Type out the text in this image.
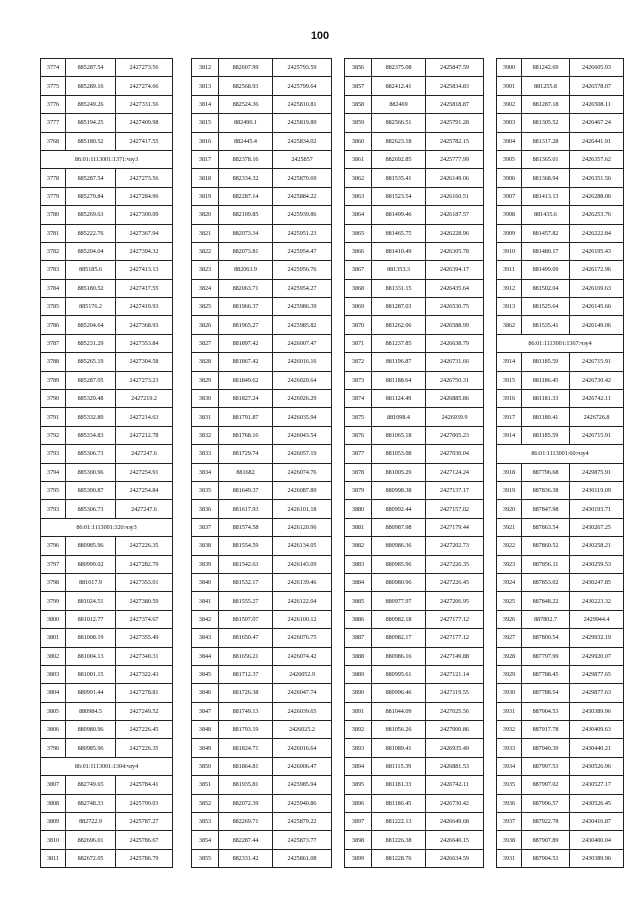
100
3774	885287.54	2427273.56
3775	885289.16	2427274.66
3776	885249.26	2427331.56
3777	885194.25	2427409.98
3768	885180.52	2427417.55
86:01:1113001:1371:чзу3		
3778	885287.54	2427273.56
3779	885279.84	2427284.96
3780	885269.63	2427300.09
3781	885222.76	2427367.94
3782	885204.04	2427394.32
3783	885185.6	2427413.13
3784	885180.52	2427417.55
3785	885176.2	2427419.93
3786	885204.64	2427368.93
3787	885231.29	2427353.84
3788	885265.19	2427304.58
3789	885287.05	2427273.23
3790	885329.48	2427219.2
3791	885332.89	2427214.63
3792	885334.83	2427212.78
3793	885306.73	2427247.6
3794	885300.96	2427254.91
3795	885300.87	2427254.84
3793	885306.73	2427247.6
86:01:1113001:320:чзу3		
3796	880985.96	2427226.35
3797	880999.02	2427282.79
3798	881017.9	2427353.01
3799	881024.51	2427380.59
3800	881012.77	2427374.67
3801	881008.19	2427355.49
3802	881004.13	2427340.31
3803	881001.15	2427322.43
3804	880991.44	2427278.81
3805	880984.5	2427249.52
3806	880980.96	2427226.45
3796	880985.96	2427226.35
86:01:1113001:1304:чзу4		
3807	882749.65	2425784.41
3808	882748.33	2425790.03
3809	882722.9	2425787.27
3810	882696.01	2425786.67
3811	882672.05	2425786.79
3812	882607.99	2425793.59
3813	882568.93	2425799.64
3814	882524.36	2425810.81
3815	882490.1	2425819.89
3816	882445.4	2425834.02
3817	882378.16	2425857
3818	882334.32	2425870.69
3819	882287.14	2425884.22
3820	882109.85	2425939.86
3821	882073.34	2425951.23
3822	882073.81	2425954.47
3823	882063.9	2425956.76
3824	882063.71	2425954.27
3825	881966.37	2425986.39
3826	881965.27	2425985.82
3827	881897.42	2426007.47
3828	881867.42	2426016.16
3829	881849.62	2426020.64
3830	881827.24	2426026.29
3831	881791.87	2426035.94
3832	881768.16	2426043.54
3833	881729.74	2426057.19
3834	881682	2426074.76
3835	881649.37	2426087.89
3836	881617.93	2426101.18
3837	881574.58	2426120.96
3838	881554.59	2426134.05
3839	881542.63	2426143.09
3840	881532.17	2426139.46
3841	881555.27	2426122.04
3842	881597.07	2426100.12
3843	881650.47	2426076.75
3844	881656.21	2426074.42
3845	881712.37	2426052.9
3846	881726.38	2426047.74
3847	881749.13	2426039.65
3848	881793.19	2426025.2
3849	881824.71	2426016.64
3850	881864.81	2426006.47
3851	881935.81	2425985.94
3852	882072.39	2425940.86
3853	882269.71	2425879.22
3854	882287.44	2425873.77
3855	882331.42	2425861.08
3856	882375.08	2425847.59
3857	882412.41	2425834.83
3858	882469	2425818.87
3859	882566.51	2425791.28
3860	882623.18	2425782.15
3861	882692.85	2425777.99
3862	881535.41	2426149.06
3863	881523.54	2426160.51
3864	881499.46	2426187.57
3865	881465.75	2426228.96
3866	881410.49	2426305.78
3867	881353.3	2426394.17
3868	881331.15	2426435.64
3869	881287.03	2426530.75
3870	881262.06	2426588.99
3871	881237.85	2426638.79
3872	881196.87	2426731.66
3873	881188.64	2426750.31
3874	881124.49	2426885.86
3875	881098.4	2426939.9
3876	881065.18	2427005.23
3877	881053.08	2427030.04
3878	881005.29	2427124.24
3879	880998.38	2427137.17
3880	880992.44	2427157.02
3881	880987.98	2427179.44
3882	880986.36	2427202.73
3883	880985.96	2427226.35
3884	880980.96	2427226.45
3885	880977.97	2427206.95
3886	880982.18	2427177.12
3887	880982.17	2427177.12
3888	880986.16	2427149.88
3889	880995.61	2427121.14
3890	880996.46	2427119.55
3891	881044.09	2427025.56
3892	881056.26	2427000.86
3893	881089.41	2426935.49
3894	881115.39	2426881.53
3895	881181.33	2426742.11
3896	881186.45	2426730.42
3897	881222.13	2426649.68
3898	881226.38	2426640.15
3899	881228.76	2426634.59
3900	881242.69	2426605.93
3901	881255.8	2426578.07
3902	881287.18	2426508.11
3903	881305.52	2426467.24
3904	881317.28	2426441.91
3905	881365.01	2426357.62
3906	881368.94	2426351.56
3907	881413.13	2426288.06
3908	881435.6	2426253.76
3909	881457.82	2426222.84
3910	881480.17	2426195.43
3911	881499.09	2426172.96
3912	881502.04	2426169.63
3913	881525.64	2426145.66
3862	881535.41	2426149.06
86:01:1113001:1367:чзу4		
3914	881185.59	2426715.91
3915	881186.45	2426730.42
3916	881181.33	2426742.11
3917	881180.41	2426726.8
3914	881185.59	2426715.91
86:01:1113001:60:чзу4		
3918	887796.68	2429875.91
3919	887836.38	2430119.09
3920	887847.98	2430193.71
3921	887863.54	2430267.25
3922	887860.52	2430258.21
3923	887856.11	2430259.53
3924	887853.02	2430247.85
3925	887848.22	2430223.32
3926	887802.7	2429944.4
3927	887800.54	2429932.19
3928	887797.99	2429920.07
3929	887788.45	2429877.65
3930	887788.54	2429877.63
3931	887904.53	2430389.96
3932	887917.78	2430409.63
3933	887940.39	2430440.21
3934	887997.53	2430526.96
3935	887997.02	2430527.17
3936	887996.57	2430526.45
3937	887922.78	2430416.87
3938	887907.89	2430400.04
3931	887904.53	2430389.96
